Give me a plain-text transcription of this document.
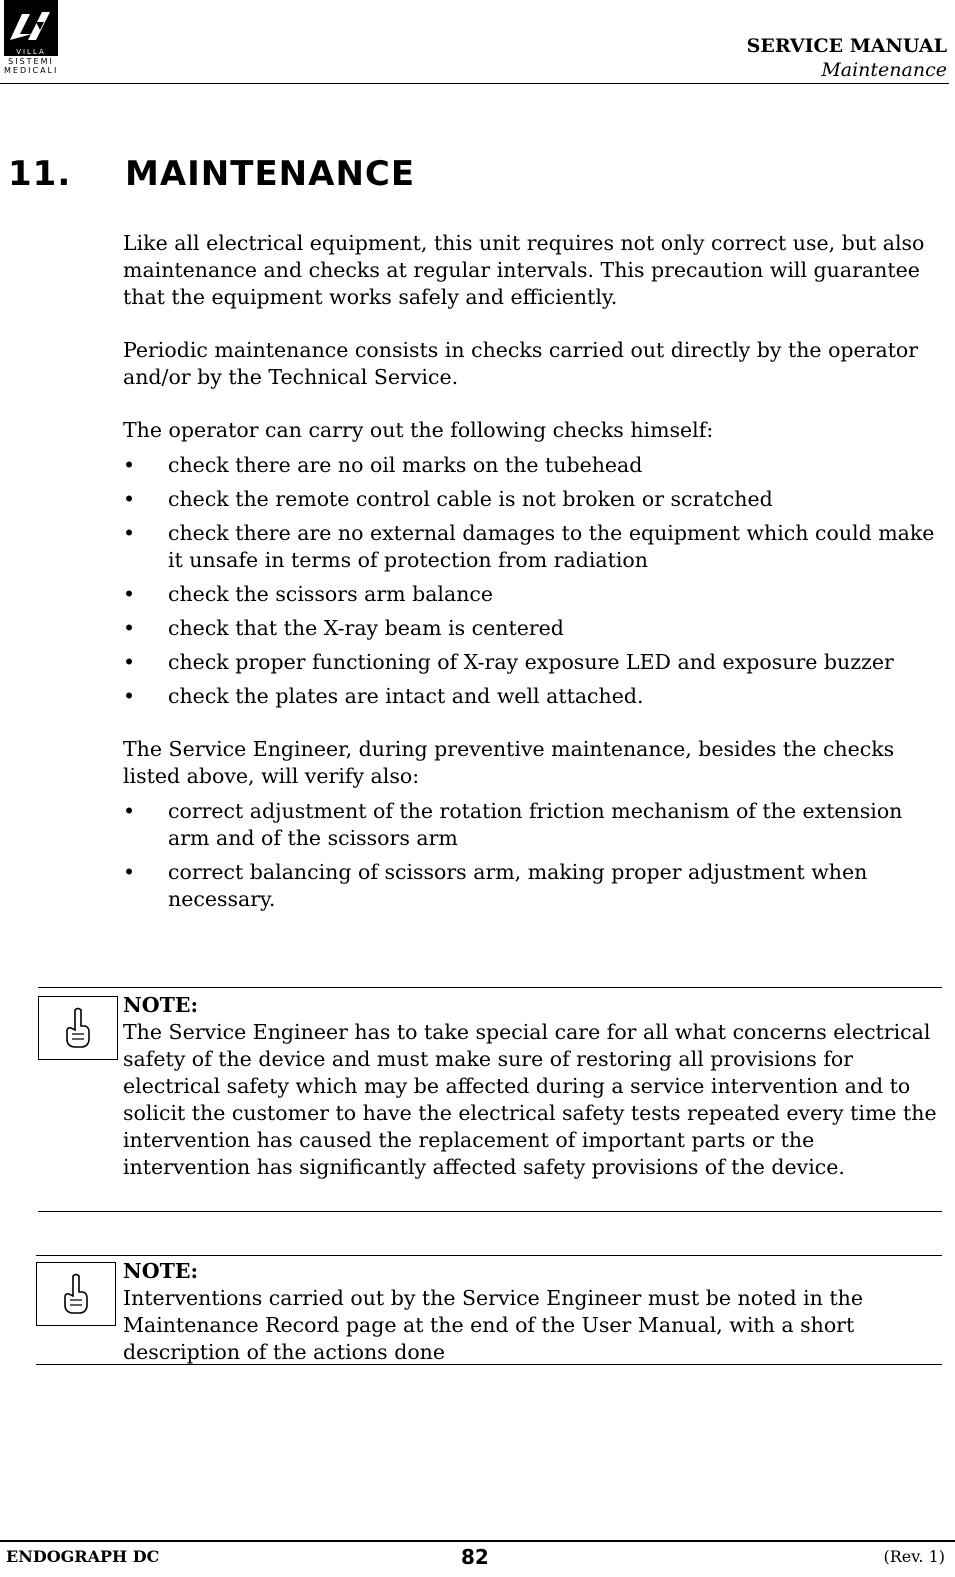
VILLA
SISTEMI
MEDICALI
SERVICE MANUAL
Maintenance
11. MAINTENANCE

Like all electrical equipment, this unit requires not only correct use, but also maintenance and checks at regular intervals. This precaution will guarantee that the equipment works safely and efficiently.

Periodic maintenance consists in checks carried out directly by the operator and/or by the Technical Service.

The operator can carry out the following checks himself:

• check there are no oil marks on the tubehead
• check the remote control cable is not broken or scratched
• check there are no external damages to the equipment which could make it unsafe in terms of protection from radiation
• check the scissors arm balance
• check that the X-ray beam is centered
• check proper functioning of X-ray exposure LED and exposure buzzer
• check the plates are intact and well attached.

The Service Engineer, during preventive maintenance, besides the checks listed above, will verify also:

• correct adjustment of the rotation friction mechanism of the extension arm and of the scissors arm
• correct balancing of scissors arm, making proper adjustment when necessary.
NOTE:
The Service Engineer has to take special care for all what concerns electrical safety of the device and must make sure of restoring all provisions for electrical safety which may be affected during a service intervention and to solicit the customer to have the electrical safety tests repeated every time the intervention has caused the replacement of important parts or the intervention has significantly affected safety provisions of the device.
NOTE:
Interventions carried out by the Service Engineer must be noted in the Maintenance Record page at the end of the User Manual, with a short description of the actions done
ENDOGRAPH DC	82	(Rev. 1)
